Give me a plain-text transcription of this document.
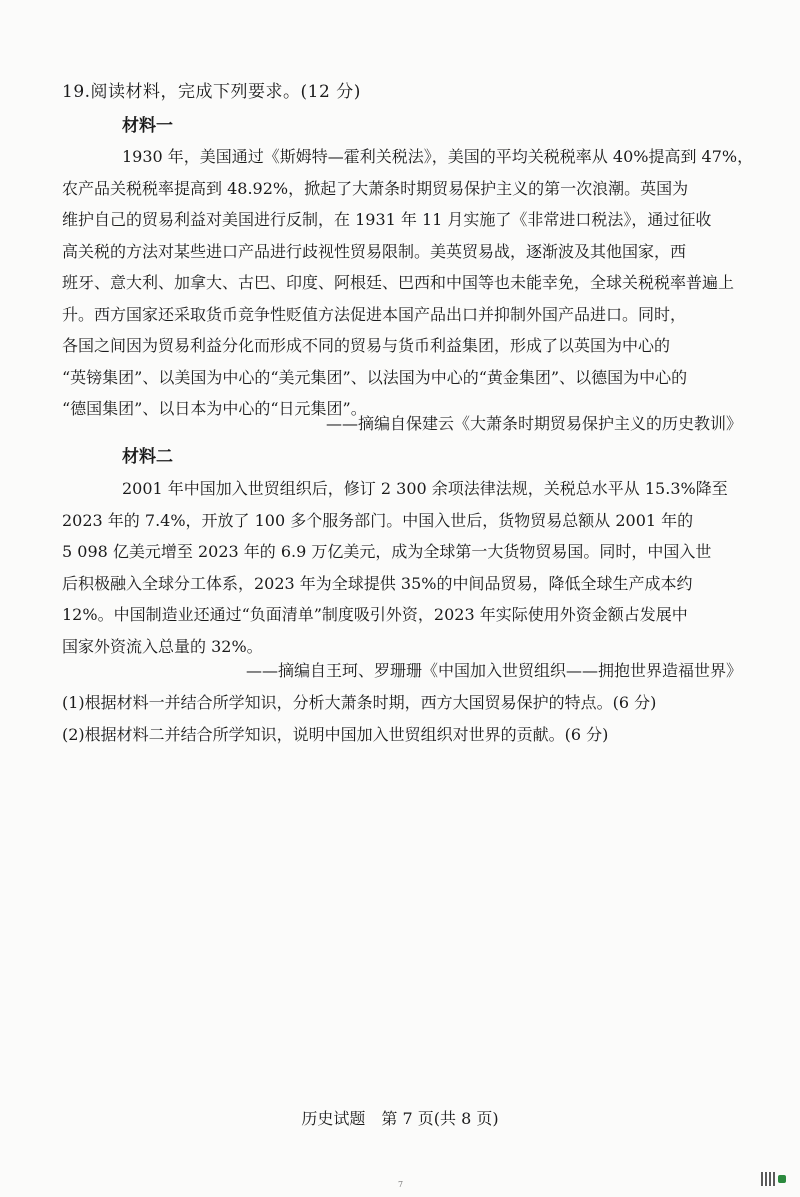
19.阅读材料，完成下列要求。(12 分)
材料一
1930 年，美国通过《斯姆特—霍利关税法》，美国的平均关税税率从 40%提高到 47%，
农产品关税税率提高到 48.92%，掀起了大萧条时期贸易保护主义的第一次浪潮。英国为
维护自己的贸易利益对美国进行反制，在 1931 年 11 月实施了《非常进口税法》，通过征收
高关税的方法对某些进口产品进行歧视性贸易限制。美英贸易战，逐渐波及其他国家，西
班牙、意大利、加拿大、古巴、印度、阿根廷、巴西和中国等也未能幸免，全球关税税率普遍上
升。西方国家还采取货币竞争性贬值方法促进本国产品出口并抑制外国产品进口。同时，
各国之间因为贸易利益分化而形成不同的贸易与货币利益集团，形成了以英国为中心的
“英镑集团”、以美国为中心的“美元集团”、以法国为中心的“黄金集团”、以德国为中心的
“德国集团”、以日本为中心的“日元集团”。
——摘编自保建云《大萧条时期贸易保护主义的历史教训》
材料二
2001 年中国加入世贸组织后，修订 2 300 余项法律法规，关税总水平从 15.3%降至
2023 年的 7.4%，开放了 100 多个服务部门。中国入世后，货物贸易总额从 2001 年的
5 098 亿美元增至 2023 年的 6.9 万亿美元，成为全球第一大货物贸易国。同时，中国入世
后积极融入全球分工体系，2023 年为全球提供 35%的中间品贸易，降低全球生产成本约
12%。中国制造业还通过“负面清单”制度吸引外资，2023 年实际使用外资金额占发展中
国家外资流入总量的 32%。
——摘编自王珂、罗珊珊《中国加入世贸组织——拥抱世界造福世界》
(1)根据材料一并结合所学知识，分析大萧条时期，西方大国贸易保护的特点。(6 分)
(2)根据材料二并结合所学知识，说明中国加入世贸组织对世界的贡献。(6 分)
历史试题　第 7 页(共 8 页)
7
